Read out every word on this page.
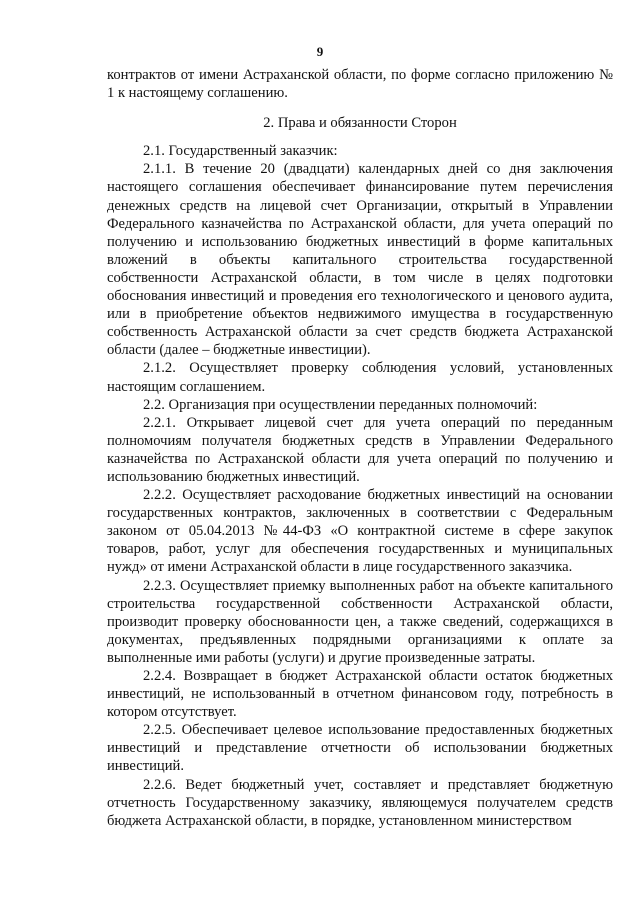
9

контрактов от имени Астраханской области, по форме согласно приложению № 1 к настоящему соглашению.

2. Права и обязанности Сторон

2.1. Государственный заказчик:

2.1.1. В течение 20 (двадцати) календарных дней со дня заключения настоящего соглашения обеспечивает финансирование путем перечисления денежных средств на лицевой счет Организации, открытый в Управлении Федерального казначейства по Астраханской области, для учета операций по получению и использованию бюджетных инвестиций в форме капитальных вложений в объекты капитального строительства государственной собственности Астраханской области, в том числе в целях подготовки обоснования инвестиций и проведения его технологического и ценового аудита, или в приобретение объектов недвижимого имущества в государственную собственность Астраханской области за счет средств бюджета Астраханской области (далее – бюджетные инвестиции).

2.1.2. Осуществляет проверку соблюдения условий, установленных настоящим соглашением.

2.2. Организация при осуществлении переданных полномочий:

2.2.1. Открывает лицевой счет для учета операций по переданным полномочиям получателя бюджетных средств в Управлении Федерального казначейства по Астраханской области для учета операций по получению и использованию бюджетных инвестиций.

2.2.2. Осуществляет расходование бюджетных инвестиций на основании государственных контрактов, заключенных в соответствии с Федеральным законом от 05.04.2013 №44-ФЗ «О контрактной системе в сфере закупок товаров, работ, услуг для обеспечения государственных и муниципальных нужд» от имени Астраханской области в лице государственного заказчика.

2.2.3. Осуществляет приемку выполненных работ на объекте капитального строительства государственной собственности Астраханской области, производит проверку обоснованности цен, а также сведений, содержащихся в документах, предъявленных подрядными организациями к оплате за выполненные ими работы (услуги) и другие произведенные затраты.

2.2.4. Возвращает в бюджет Астраханской области остаток бюджетных инвестиций, не использованный в отчетном финансовом году, потребность в котором отсутствует.

2.2.5. Обеспечивает целевое использование предоставленных бюджетных инвестиций и представление отчетности об использовании бюджетных инвестиций.

2.2.6. Ведет бюджетный учет, составляет и представляет бюджетную отчетность Государственному заказчику, являющемуся получателем средств бюджета Астраханской области, в порядке, установленном министерством
